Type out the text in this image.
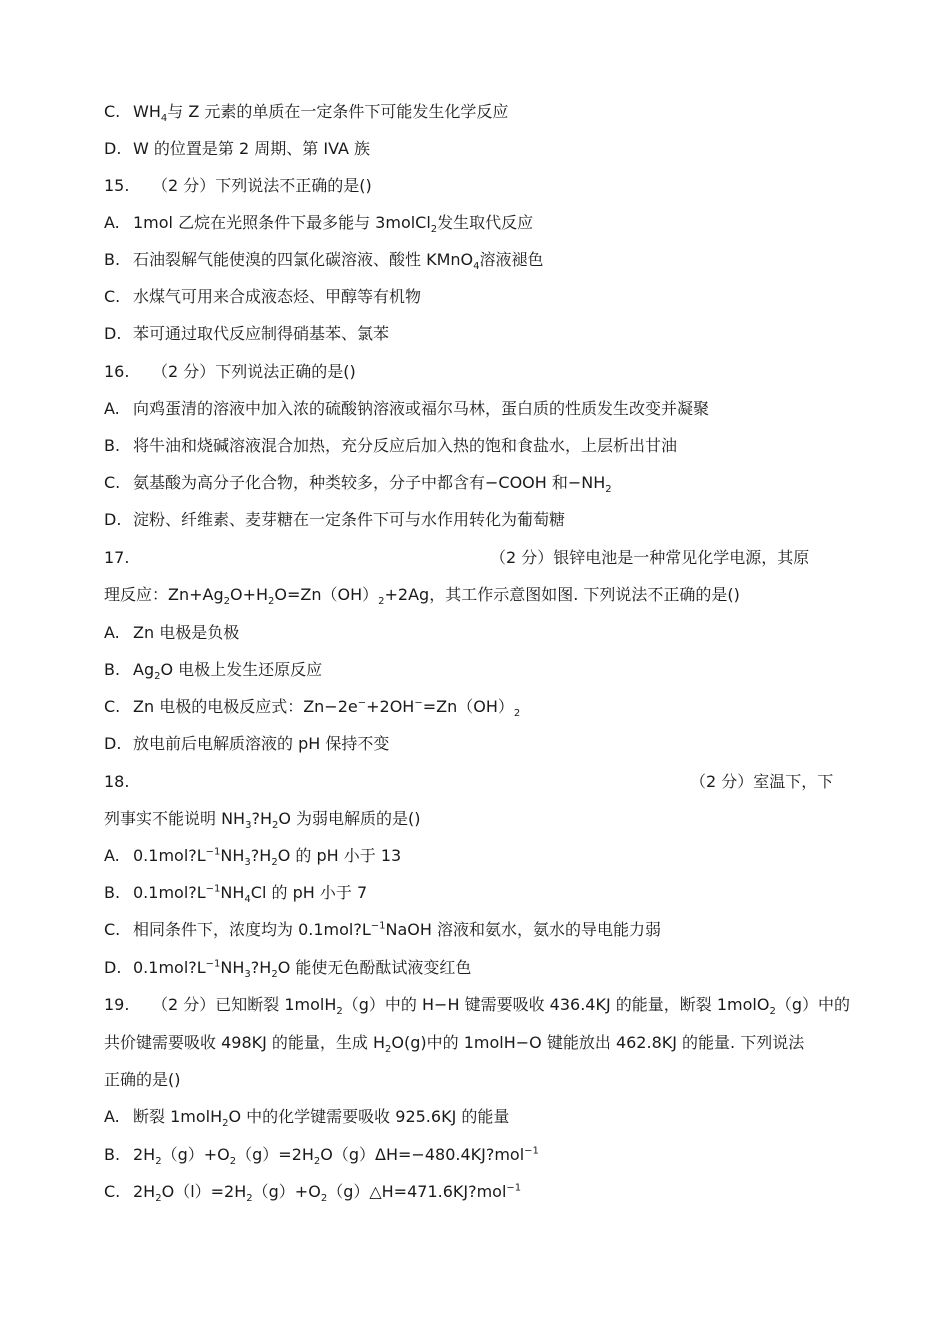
C. $WH_4$与 Z 元素的单质在一定条件下可能发生化学反应
D. W 的位置是第 2 周期、第 IVA 族
15. （2 分）下列说法不正确的是()
A. 1mol 乙烷在光照条件下最多能与 3molCl$_2$发生取代反应
B. 石油裂解气能使溴的四氯化碳溶液、酸性 KMnO$_4$溶液褪色
C. 水煤气可用来合成液态烃、甲醇等有机物
D. 苯可通过取代反应制得硝基苯、氯苯
16. （2 分）下列说法正确的是()
A. 向鸡蛋清的溶液中加入浓的硫酸钠溶液或福尔马林，蛋白质的性质发生改变并凝聚
B. 将牛油和烧碱溶液混合加热，充分反应后加入热的饱和食盐水，上层析出甘油
C. 氨基酸为高分子化合物，种类较多，分子中都含有−COOH 和$-NH_2$
D. 淀粉、纤维素、麦芽糖在一定条件下可与水作用转化为葡萄糖
17.	（2 分）银锌电池是一种常见化学电源，其原
理反应：$Zn+Ag_2O+H_2O=Zn(OH)_2+2Ag$，其工作示意图如图. 下列说法不正确的是()
A. Zn 电极是负极
B. $Ag_2O$ 电极上发生还原反应
C. Zn 电极的电极反应式：$Zn-2e^-+2OH^-=Zn(OH)_2$
D. 放电前后电解质溶液的 pH 保持不变
18.	（2 分）室温下，下
列事实不能说明 $NH_3?H_2O$ 为弱电解质的是()
A. $0.1mol?L^{-1}NH_3?H_2O$ 的 pH 小于 13
B. $0.1mol?L^{-1}NH_4Cl$ 的 pH 小于 7
C. 相同条件下，浓度均为 $0.1mol?L^{-1}NaOH$ 溶液和氨水，氨水的导电能力弱
D. $0.1mol?L^{-1}NH_3?H_2O$ 能使无色酚酞试液变红色
19. （2 分）已知断裂 1molH$_2$（g）中的 H−H 键需要吸收 436.4KJ 的能量，断裂 1molO$_2$（g）中的
共价键需要吸收 498KJ 的能量，生成 $H_2O(g)$中的 1molH−O 键能放出 462.8KJ 的能量. 下列说法
正确的是()
A. 断裂 1molH$_2$O 中的化学键需要吸收 925.6KJ 的能量
B. $2H_2(g)+O_2(g)=2H_2O(g)\Delta H=-480.4KJ?mol^{-1}$
C. $2H_2O(l)=2H_2(g)+O_2(g)\triangle H=471.6KJ?mol^{-1}$
